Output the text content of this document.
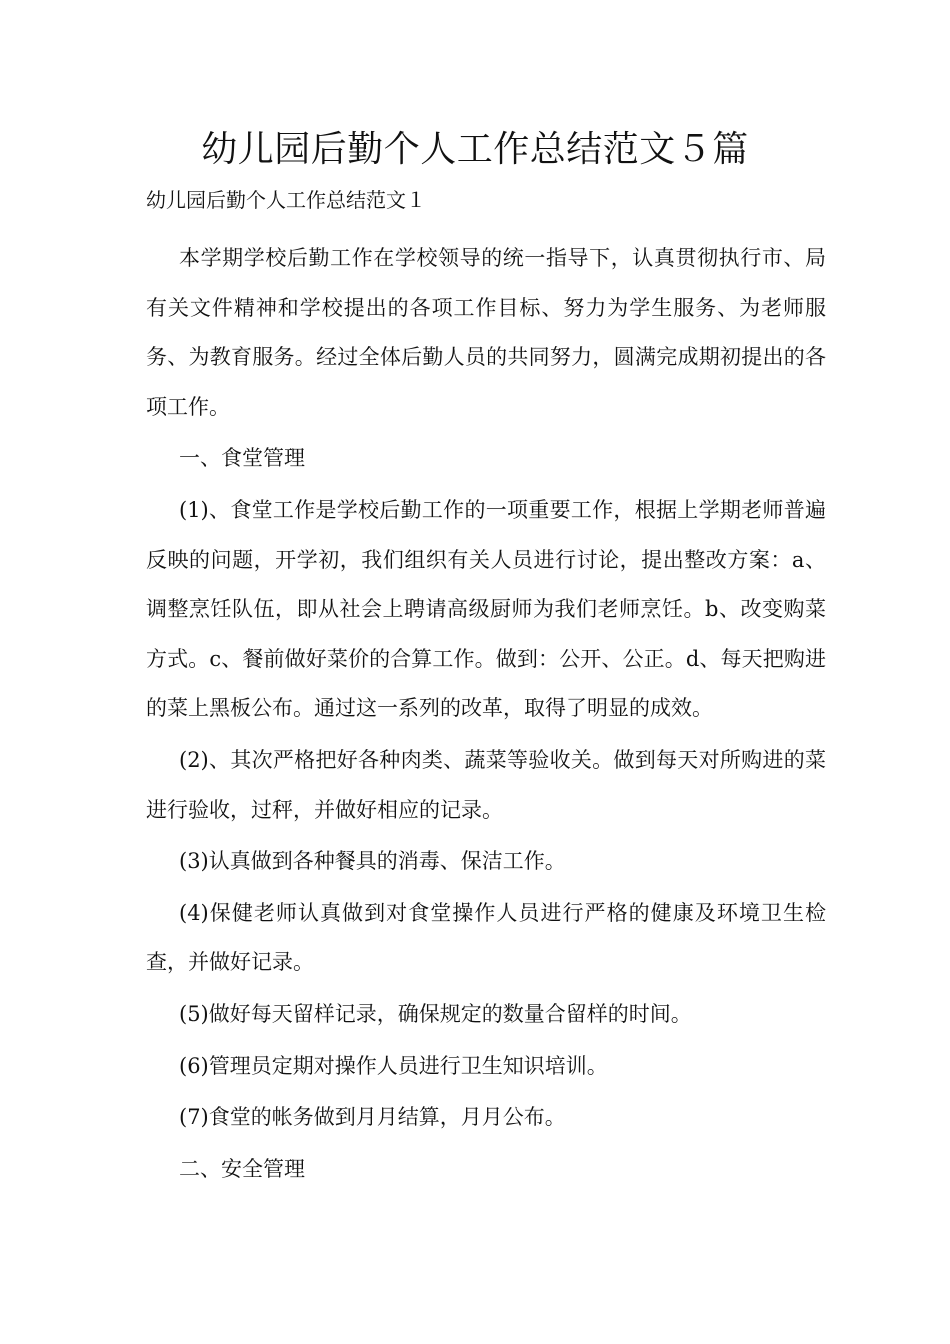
幼儿园后勤个人工作总结范文５篇

幼儿园后勤个人工作总结范文１

本学期学校后勤工作在学校领导的统一指导下，认真贯彻执行市、局有关文件精神和学校提出的各项工作目标、努力为学生服务、为老师服务、为教育服务。经过全体后勤人员的共同努力，圆满完成期初提出的各项工作。

一、食堂管理

(1)、食堂工作是学校后勤工作的一项重要工作，根据上学期老师普遍反映的问题，开学初，我们组织有关人员进行讨论，提出整改方案：a、调整烹饪队伍，即从社会上聘请高级厨师为我们老师烹饪。b、改变购菜方式。c、餐前做好菜价的合算工作。做到：公开、公正。d、每天把购进的菜上黑板公布。通过这一系列的改革，取得了明显的成效。

(2)、其次严格把好各种肉类、蔬菜等验收关。做到每天对所购进的菜进行验收，过秤，并做好相应的记录。

(3)认真做到各种餐具的消毒、保洁工作。

(4)保健老师认真做到对食堂操作人员进行严格的健康及环境卫生检查，并做好记录。

(5)做好每天留样记录，确保规定的数量合留样的时间。

(6)管理员定期对操作人员进行卫生知识培训。

(7)食堂的帐务做到月月结算，月月公布。

二、安全管理
